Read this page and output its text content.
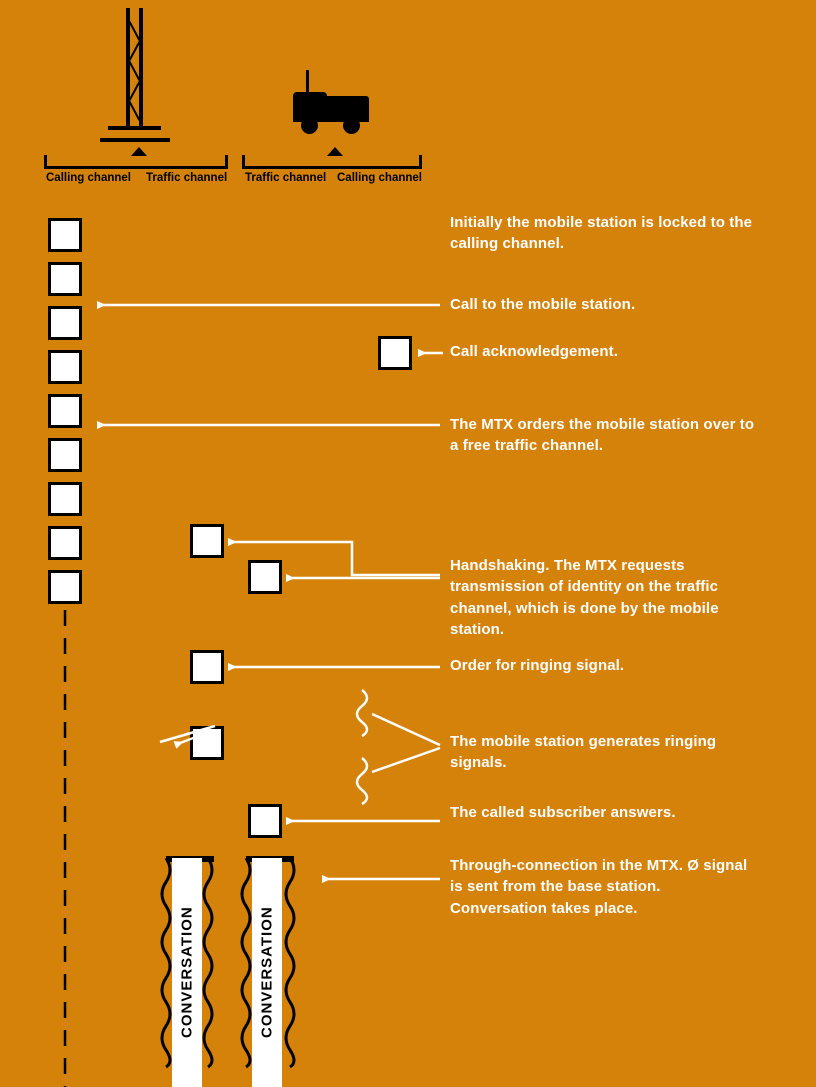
Calling channel Traffic channel Traffic channel Calling channel
CONVERSATION	CONVERSATION
Initially the mobile station is locked to the calling channel.
Call to the mobile station.
Call acknowledgement.
The MTX orders the mobile station over to a free traffic channel.
Handshaking. The MTX requests transmission of identity on the traffic channel, which is done by the mobile station.
Order for ringing signal.
The mobile station generates ringing signals.
The called subscriber answers.
Through-connection in the MTX. Ø signal is sent from the base station. Conversation takes place.
